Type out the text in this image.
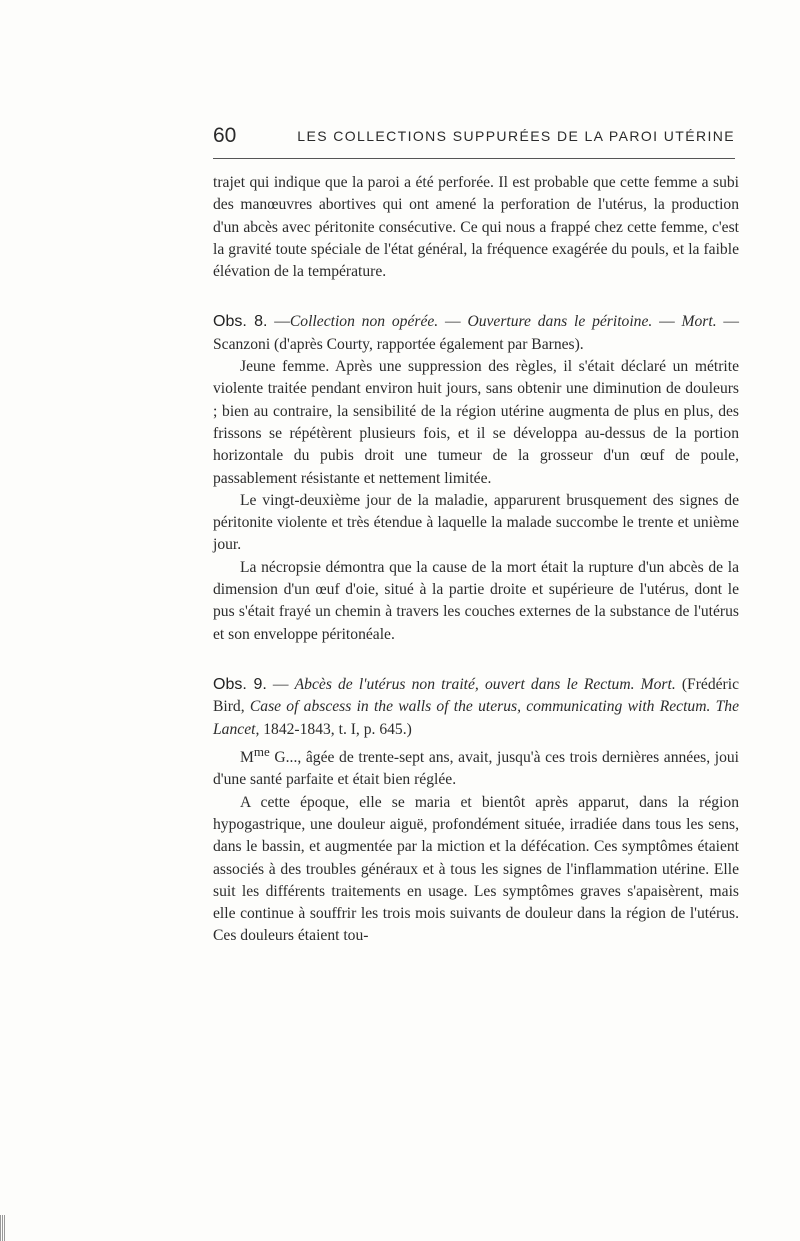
60	LES COLLECTIONS SUPPURÉES DE LA PAROI UTÉRINE

trajet qui indique que la paroi a été perforée. Il est probable que cette femme a subi des manœuvres abortives qui ont amené la perforation de l'utérus, la production d'un abcès avec péritonite consécutive. Ce qui nous a frappé chez cette femme, c'est la gravité toute spéciale de l'état général, la fréquence exagérée du pouls, et la faible élévation de la température.

Obs. 8. —Collection non opérée. — Ouverture dans le péritoine. — Mort. — Scanzoni (d'après Courty, rapportée également par Barnes).

Jeune femme. Après une suppression des règles, il s'était déclaré un métrite violente traitée pendant environ huit jours, sans obtenir une diminution de douleurs ; bien au contraire, la sensibilité de la région utérine augmenta de plus en plus, des frissons se répétèrent plusieurs fois, et il se développa au-dessus de la portion horizontale du pubis droit une tumeur de la grosseur d'un œuf de poule, passablement résistante et nettement limitée.

Le vingt-deuxième jour de la maladie, apparurent brusquement des signes de péritonite violente et très étendue à laquelle la malade succombe le trente et unième jour.

La nécropsie démontra que la cause de la mort était la rupture d'un abcès de la dimension d'un œuf d'oie, situé à la partie droite et supérieure de l'utérus, dont le pus s'était frayé un chemin à travers les couches externes de la substance de l'utérus et son enveloppe péritonéale.

Obs. 9. — Abcès de l'utérus non traité, ouvert dans le Rectum. Mort. (Frédéric Bird, Case of abscess in the walls of the uterus, communicating with Rectum. The Lancet, 1842-1843, t. I, p. 645.)

$M^{me}$ G..., âgée de trente-sept ans, avait, jusqu'à ces trois dernières années, joui d'une santé parfaite et était bien réglée.

A cette époque, elle se maria et bientôt après apparut, dans la région hypogastrique, une douleur aiguë, profondément située, irradiée dans tous les sens, dans le bassin, et augmentée par la miction et la défécation. Ces symptômes étaient associés à des troubles généraux et à tous les signes de l'inflammation utérine. Elle suit les différents traitements en usage. Les symptômes graves s'apaisèrent, mais elle continue à souffrir les trois mois suivants de douleur dans la région de l'utérus. Ces douleurs étaient tou-
